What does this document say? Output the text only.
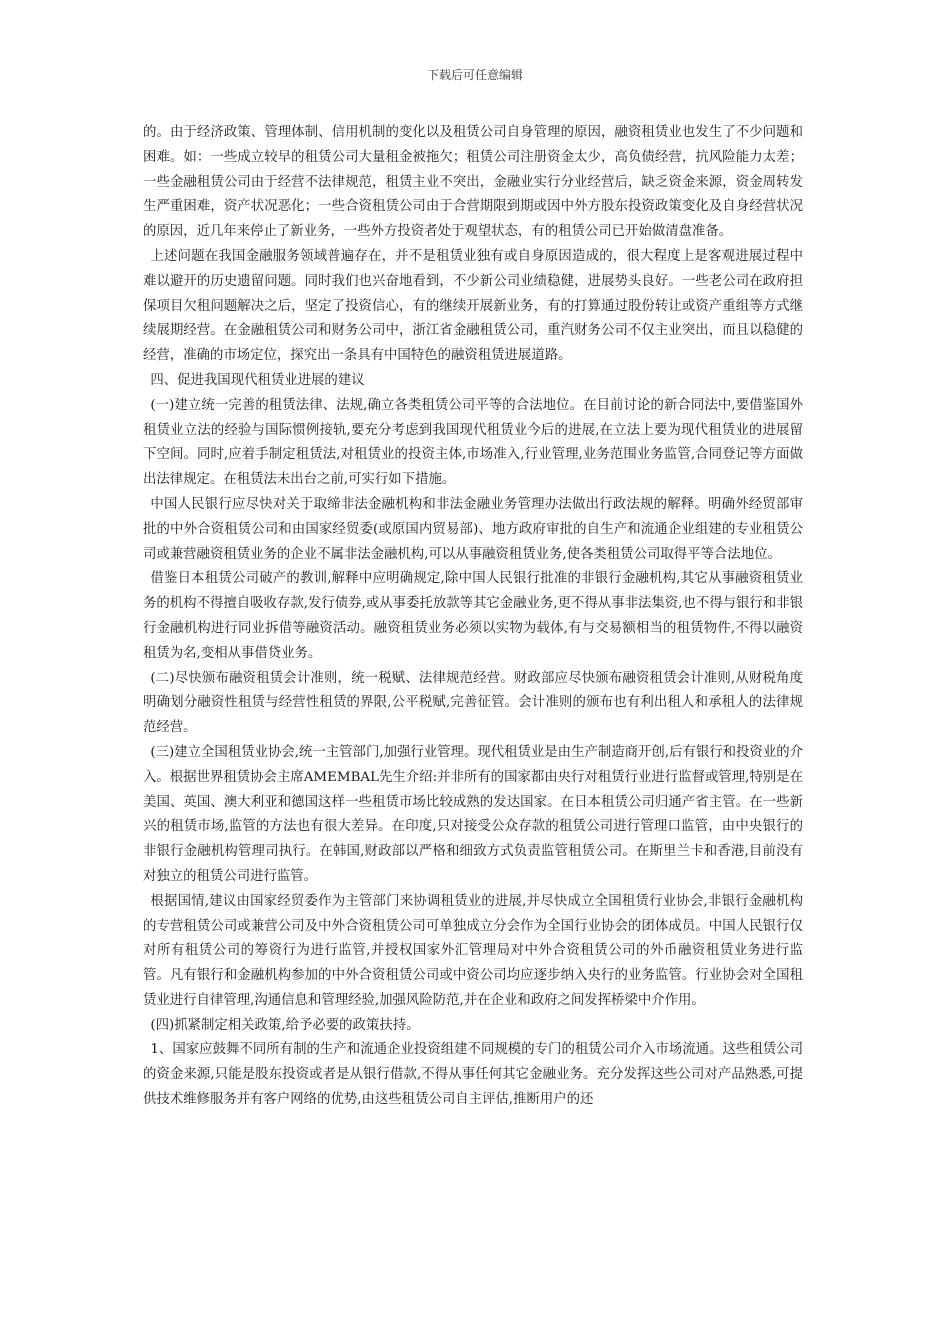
下载后可任意编辑

的。由于经济政策、管理体制、信用机制的变化以及租赁公司自身管理的原因，融资租赁业也发生了不少问题和困难。如：一些成立较早的租赁公司大量租金被拖欠；租赁公司注册资金太少，高负债经营，抗风险能力太差；一些金融租赁公司由于经营不法律规范，租赁主业不突出，金融业实行分业经营后，缺乏资金来源，资金周转发生严重困难，资产状况恶化；一些合资租赁公司由于合营期限到期或因中外方股东投资政策变化及自身经营状况的原因，近几年来停止了新业务，一些外方投资者处于观望状态，有的租赁公司已开始做清盘准备。

上述问题在我国金融服务领域普遍存在，并不是租赁业独有或自身原因造成的，很大程度上是客观进展过程中难以避开的历史遗留问题。同时我们也兴奋地看到，不少新公司业绩稳健，进展势头良好。一些老公司在政府担保项目欠租问题解决之后，坚定了投资信心，有的继续开展新业务，有的打算通过股份转让或资产重组等方式继续展期经营。在金融租赁公司和财务公司中，浙江省金融租赁公司，重汽财务公司不仅主业突出，而且以稳健的经营，准确的市场定位，探究出一条具有中国特色的融资租赁进展道路。

四、促进我国现代租赁业进展的建议

(一)建立统一完善的租赁法律、法规,确立各类租赁公司平等的合法地位。在目前讨论的新合同法中,要借鉴国外租赁业立法的经验与国际惯例接轨,要充分考虑到我国现代租赁业今后的进展,在立法上要为现代租赁业的进展留下空间。同时,应着手制定租赁法,对租赁业的投资主体,市场准入,行业管理,业务范围业务监管,合同登记等方面做出法律规定。在租赁法未出台之前,可实行如下措施。

中国人民银行应尽快对关于取缔非法金融机构和非法金融业务管理办法做出行政法规的解释。明确外经贸部审批的中外合资租赁公司和由国家经贸委(或原国内贸易部)、地方政府审批的自生产和流通企业组建的专业租赁公司或兼营融资租赁业务的企业不属非法金融机构,可以从事融资租赁业务,使各类租赁公司取得平等合法地位。

借鉴日本租赁公司破产的教训,解释中应明确规定,除中国人民银行批准的非银行金融机构,其它从事融资租赁业务的机构不得擅自吸收存款,发行债券,或从事委托放款等其它金融业务,更不得从事非法集资,也不得与银行和非银行金融机构进行同业拆借等融资活动。融资租赁业务必须以实物为载体,有与交易额相当的租赁物件,不得以融资租赁为名,变相从事借贷业务。

(二)尽快颁布融资租赁会计准则，统一税赋、法律规范经营。财政部应尽快颁布融资租赁会计准则,从财税角度明确划分融资性租赁与经营性租赁的界限,公平税赋,完善征管。会计准则的颁布也有利出租人和承租人的法律规范经营。

(三)建立全国租赁业协会,统一主管部门,加强行业管理。现代租赁业是由生产制造商开创,后有银行和投资业的介入。根据世界租赁协会主席AMEMBAL先生介绍:并非所有的国家都由央行对租赁行业进行监督或管理,特别是在美国、英国、澳大利亚和德国这样一些租赁市场比较成熟的发达国家。在日本租赁公司归通产省主管。在一些新兴的租赁市场,监管的方法也有很大差异。在印度,只对接受公众存款的租赁公司进行管理口监管，由中央银行的非银行金融机构管理司执行。在韩国,财政部以严格和细致方式负责监管租赁公司。在斯里兰卡和香港,目前没有对独立的租赁公司进行监管。

根据国情,建议由国家经贸委作为主管部门来协调租赁业的进展,并尽快成立全国租赁行业协会,非银行金融机构的专营租赁公司或兼营公司及中外合资租赁公司可单独成立分会作为全国行业协会的团体成员。中国人民银行仅对所有租赁公司的筹资行为进行监管,并授权国家外汇管理局对中外合资租赁公司的外币融资租赁业务进行监管。凡有银行和金融机构参加的中外合资租赁公司或中资公司均应逐步纳入央行的业务监管。行业协会对全国租赁业进行自律管理,沟通信息和管理经验,加强风险防范,并在企业和政府之间发挥桥梁中介作用。

(四)抓紧制定相关政策,给予必要的政策扶持。

1、国家应鼓舞不同所有制的生产和流通企业投资组建不同规模的专门的租赁公司介入市场流通。这些租赁公司的资金来源,只能是股东投资或者是从银行借款,不得从事任何其它金融业务。充分发挥这些公司对产品熟悉,可提供技术维修服务并有客户网络的优势,由这些租赁公司自主评估,推断用户的还
